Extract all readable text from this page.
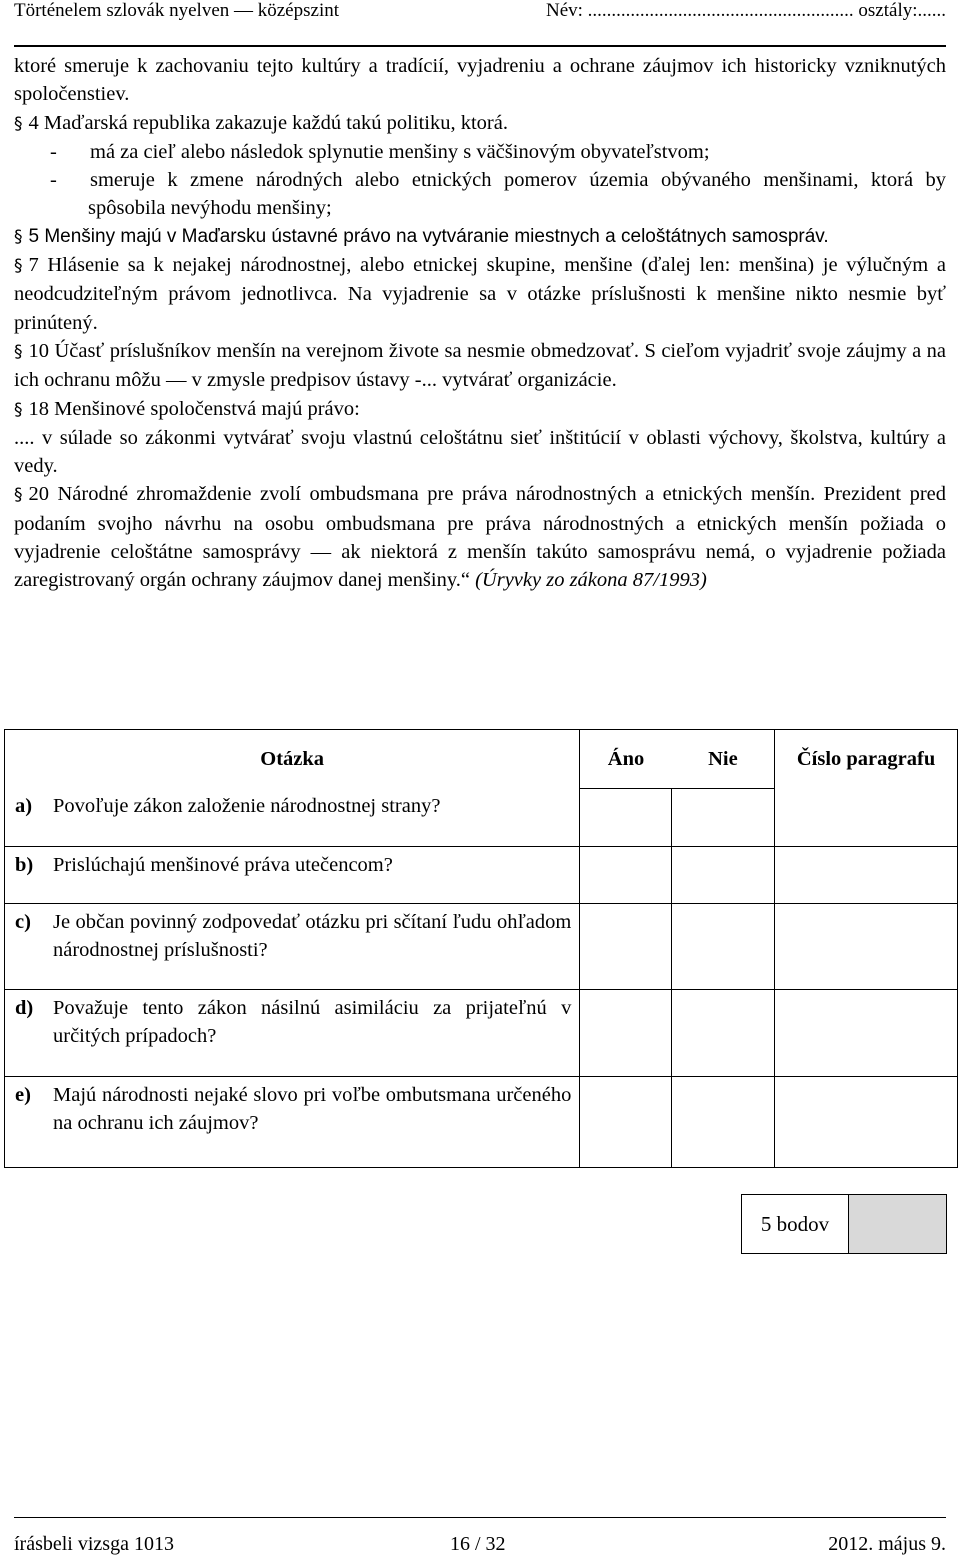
Történelem szlovák nyelven — középszint	Név: ........................................................ osztály:......

ktoré smeruje k zachovaniu tejto kultúry a tradícií, vyjadreniu a ochrane záujmov ich historicky vzniknutých spoločenstiev.

§ 4 Maďarská republika zakazuje každú takú politiku, ktorá.

- má za cieľ alebo následok splynutie menšiny s väčšinovým obyvateľstvom;

- smeruje k zmene národných alebo etnických pomerov územia obývaného menšinami, ktorá by spôsobila nevýhodu menšiny;

§ 5 Menšiny majú v Maďarsku ústavné právo na vytváranie miestnych a celoštátnych samospráv.

§ 7 Hlásenie sa k nejakej národnostnej, alebo etnickej skupine, menšine (ďalej len: menšina) je výlučným a neodcudziteľným právom jednotlivca. Na vyjadrenie sa v otázke príslušnosti k menšine nikto nesmie byť prinútený.

§ 10 Účasť príslušníkov menšín na verejnom živote sa nesmie obmedzovať. S cieľom vyjadriť svoje záujmy a na ich ochranu môžu — v zmysle predpisov ústavy -... vytvárať organizácie.

§ 18 Menšinové spoločenstvá majú právo:

.... v súlade so zákonmi vytvárať svoju vlastnú celoštátnu sieť inštitúcií v oblasti výchovy, školstva, kultúry a vedy.

§ 20 Národné zhromaždenie zvolí ombudsmana pre práva národnostných a etnických menšín. Prezident pred podaním svojho návrhu na osobu ombudsmana pre práva národnostných a etnických menšín požiada o vyjadrenie celoštátne samosprávy — ak niektorá z menšín takúto samosprávu nemá, o vyjadrenie požiada zaregistrovaný orgán ochrany záujmov danej menšiny.“ (Úryvky zo zákona 87/1993)

Otázka	Áno	Nie	Číslo paragrafu

a) Povoľuje zákon založenie národnostnej strany?			

b) Prislúchajú menšinové práva utečencom?			

c) Je občan povinný zodpovedať otázku pri sčítaní ľudu ohľadom národnostnej príslušnosti?			

d) Považuje tento zákon násilnú asimiláciu za prijateľnú v určitých prípadoch?			

e) Majú národnosti nejaké slovo pri voľbe ombutsmana určeného na ochranu ich záujmov?			

5 bodov
írásbeli vizsga 1013	16 / 32	2012. május 9.
